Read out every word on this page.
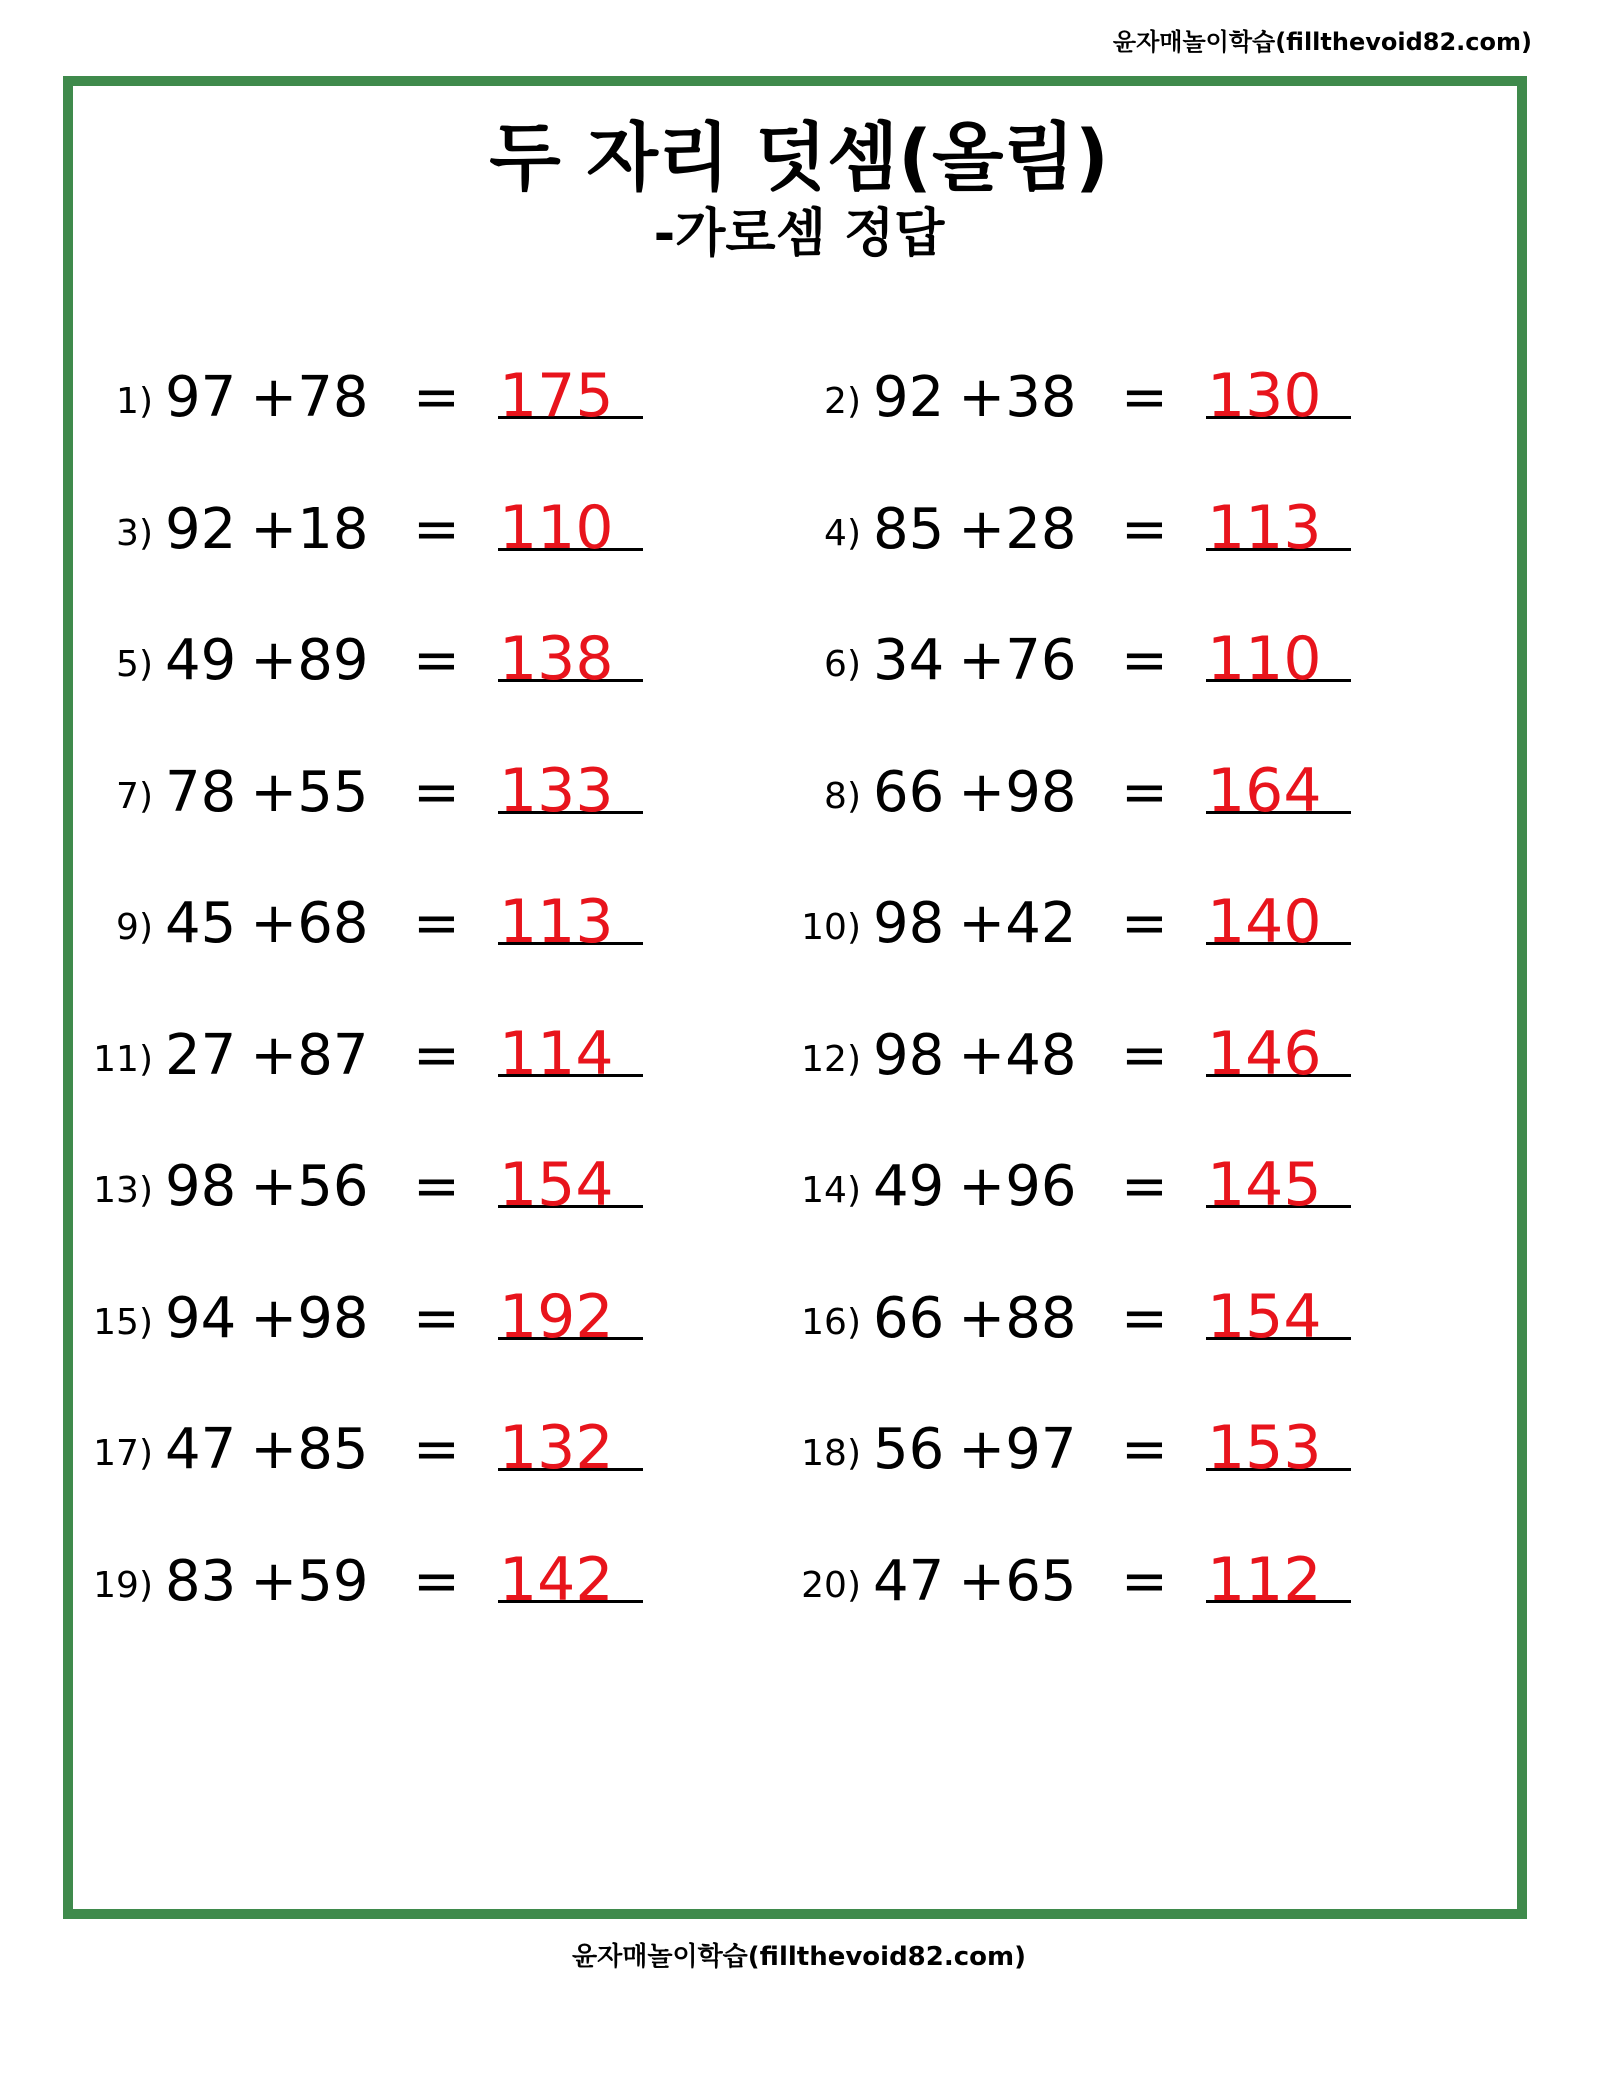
윤자매놀이학습(fillthevoid82.com)
두 자리 덧셈(올림)
-가로셈 정답
1) 97 +78 = 175	2) 92 +38 = 130
3) 92 +18 = 110	4) 85 +28 = 113
5) 49 +89 = 138	6) 34 +76 = 110
7) 78 +55 = 133	8) 66 +98 = 164
9) 45 +68 = 113	10) 98 +42 = 140
11) 27 +87 = 114	12) 98 +48 = 146
13) 98 +56 = 154	14) 49 +96 = 145
15) 94 +98 = 192	16) 66 +88 = 154
17) 47 +85 = 132	18) 56 +97 = 153
19) 83 +59 = 142	20) 47 +65 = 112
윤자매놀이학습(fillthevoid82.com)
